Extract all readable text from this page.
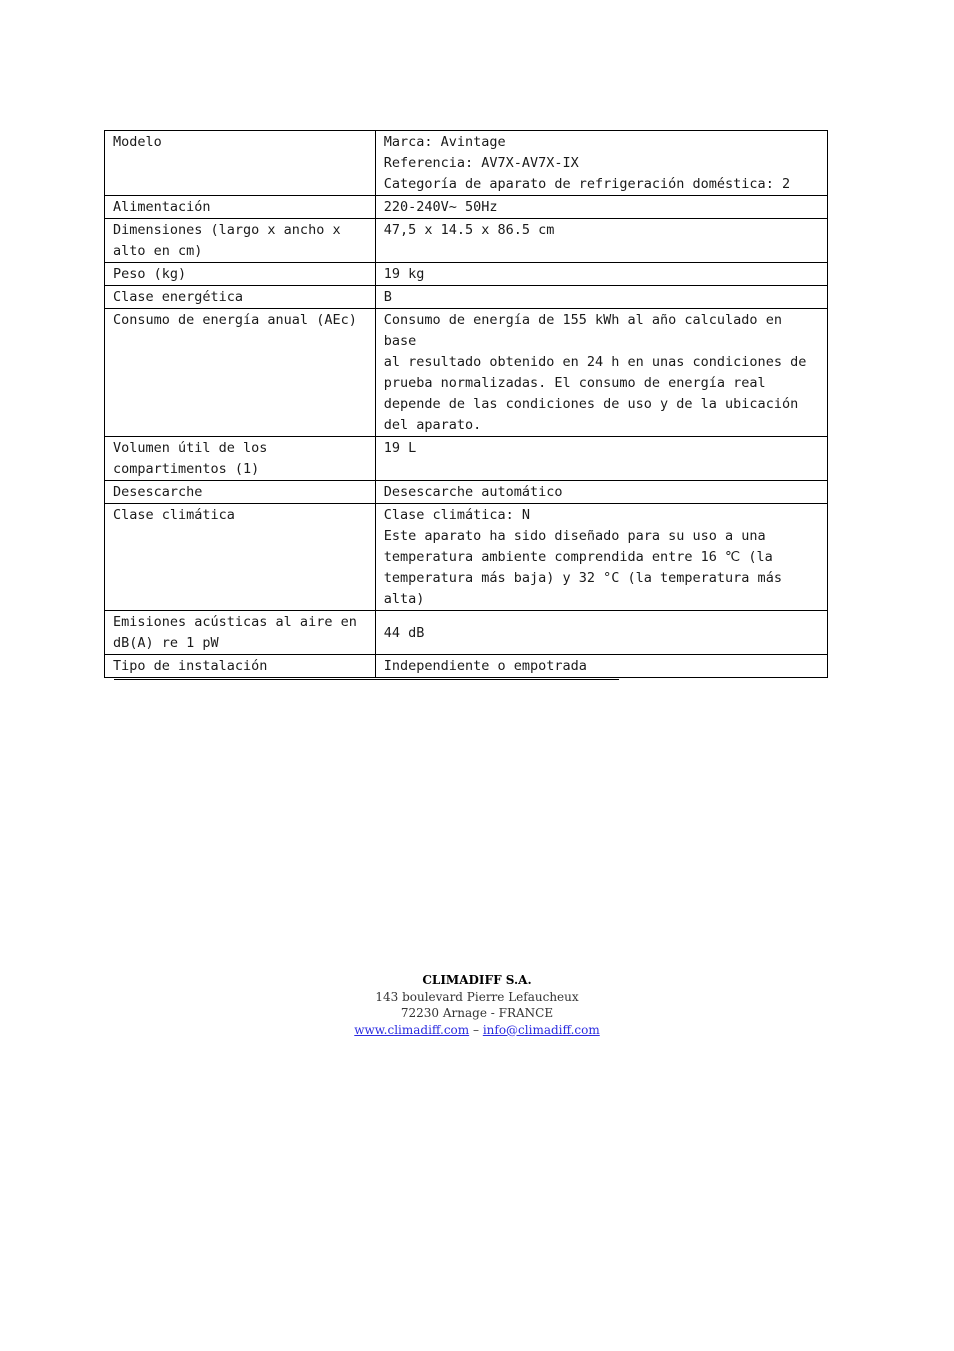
Modelo	Marca: Avintage
Referencia: AV7X-AV7X-IX
Categoría de aparato de refrigeración doméstica: 2

Alimentación	220-240V~ 50Hz

Dimensiones (largo x ancho x
alto en cm)	47,5 x 14.5 x 86.5 cm
Peso (kg)	19 kg
Clase energética	B
Consumo de energía anual (AEc)	Consumo de energía de 155 kWh al año calculado en base
al resultado obtenido en 24 h en unas condiciones de
prueba normalizadas. El consumo de energía real
depende de las condiciones de uso y de la ubicación
del aparato.

Volumen útil de los
compartimentos (1)	19 L
Desescarche	Desescarche automático
Clase climática	Clase climática: N
Este aparato ha sido diseñado para su uso a una
temperatura ambiente comprendida entre 16 ℃ (la
temperatura más baja) y 32 °C (la temperatura más
alta)

Emisiones acústicas al aire en
dB(A) re 1 pW	44 dB
Tipo de instalación	Independiente o empotrada
CLIMADIFF S.A.
143 boulevard Pierre Lefaucheux
72230 Arnage - FRANCE
www.climadiff.com – info@climadiff.com
